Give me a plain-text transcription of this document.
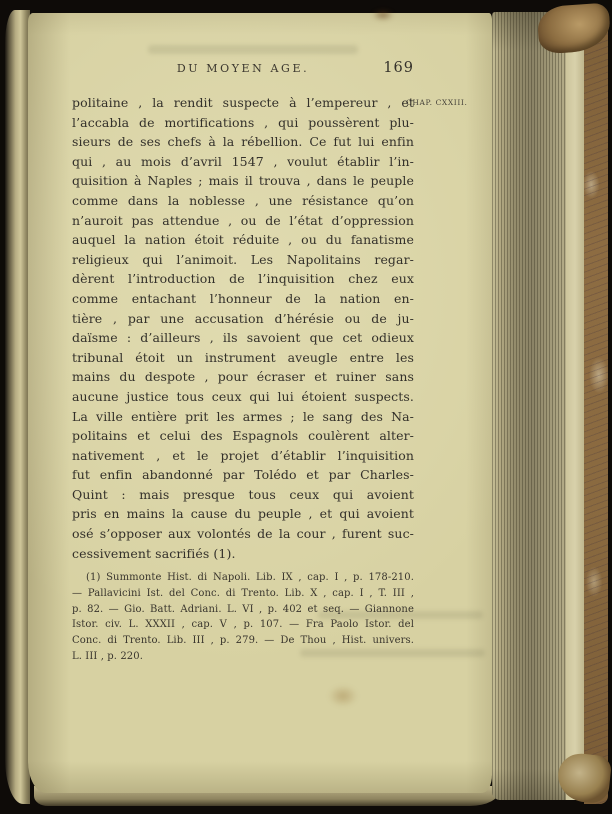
DU MOYEN AGE.	169
CHAP. CXXIII.
politaine , la rendit suspecte à l’empereur , et
l’accabla de mortifications , qui poussèrent plu-
sieurs de ses chefs à la rébellion. Ce fut lui enfin
qui , au mois d’avril 1547 , voulut établir l’in-
quisition à Naples ; mais il trouva , dans le peuple
comme dans la noblesse , une résistance qu’on
n’auroit pas attendue , ou de l’état d’oppression
auquel la nation étoit réduite , ou du fanatisme
religieux qui l’animoit. Les Napolitains regar-
dèrent l’introduction de l’inquisition chez eux
comme entachant l’honneur de la nation en-
tière , par une accusation d’hérésie ou de ju-
daïsme : d’ailleurs , ils savoient que cet odieux
tribunal étoit un instrument aveugle entre les
mains du despote , pour écraser et ruiner sans
aucune justice tous ceux qui lui étoient suspects.
La ville entière prit les armes ; le sang des Na-
politains et celui des Espagnols coulèrent alter-
nativement , et le projet d’établir l’inquisition
fut enfin abandonné par Tolédo et par Charles-
Quint : mais presque tous ceux qui avoient
pris en mains la cause du peuple , et qui avoient
osé s’opposer aux volontés de la cour , furent suc-
cessivement sacrifiés (1).
(1) Summonte Hist. di Napoli. Lib. IX , cap. I , p. 178-210.
— Pallavicini Ist. del Conc. di Trento. Lib. X , cap. I , T. III ,
p. 82. — Gio. Batt. Adriani. L. VI , p. 402 et seq. — Giannone
Istor. civ. L. XXXII , cap. V , p. 107. — Fra Paolo Istor. del
Conc. di Trento. Lib. III , p. 279. — De Thou , Hist. univers.
L. III , p. 220.
